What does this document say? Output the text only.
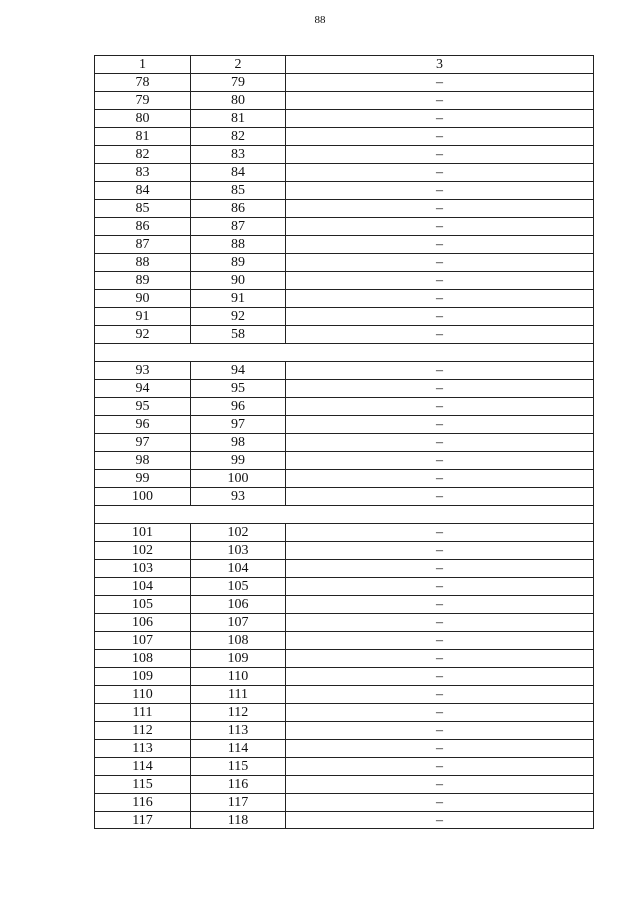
88
1	2	3
78	79	–
79	80	–
80	81	–
81	82	–
82	83	–
83	84	–
84	85	–
85	86	–
86	87	–
87	88	–
88	89	–
89	90	–
90	91	–
91	92	–
92	58	–
93	94	–
94	95	–
95	96	–
96	97	–
97	98	–
98	99	–
99	100	–
100	93	–
101	102	–
102	103	–
103	104	–
104	105	–
105	106	–
106	107	–
107	108	–
108	109	–
109	110	–
110	111	–
111	112	–
112	113	–
113	114	–
114	115	–
115	116	–
116	117	–
117	118	–
